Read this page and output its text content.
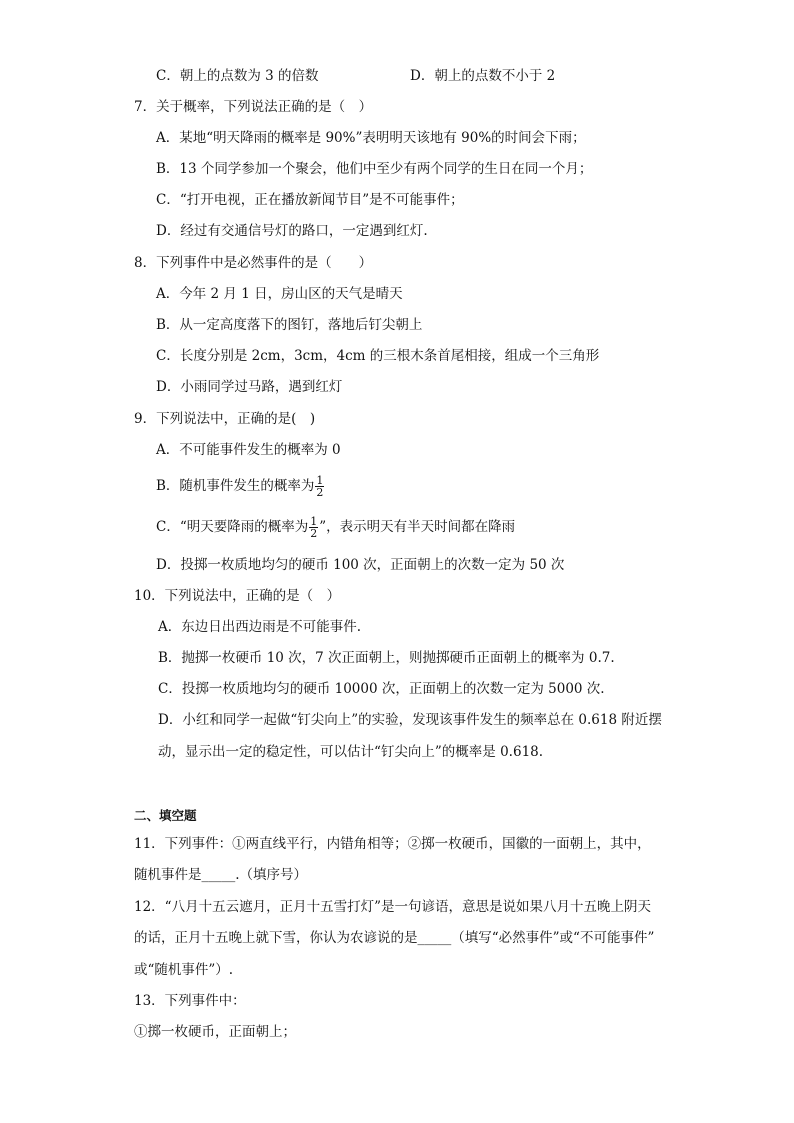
C．朝上的点数为 3 的倍数	D．朝上的点数不小于 2
7．关于概率，下列说法正确的是（　）
A．某地“明天降雨的概率是 90%”表明明天该地有 90%的时间会下雨；
B．13 个同学参加一个聚会，他们中至少有两个同学的生日在同一个月；
C．“打开电视，正在播放新闻节目”是不可能事件；
D．经过有交通信号灯的路口，一定遇到红灯.
8．下列事件中是必然事件的是（　　）
A．今年 2 月 1 日，房山区的天气是晴天
B．从一定高度落下的图钉，落地后钉尖朝上
C．长度分别是 2cm，3cm，4cm 的三根木条首尾相接，组成一个三角形
D．小雨同学过马路，遇到红灯
9．下列说法中，正确的是(　)
A．不可能事件发生的概率为 0
B．随机事件发生的概率为 $\frac{1}{2}$
C．“明天要降雨的概率为 $\frac{1}{2}$ ”，表示明天有半天时间都在降雨
D．投掷一枚质地均匀的硬币 100 次，正面朝上的次数一定为 50 次
10．下列说法中，正确的是（　）
A．东边日出西边雨是不可能事件.
B．抛掷一枚硬币 10 次，7 次正面朝上，则抛掷硬币正面朝上的概率为 0.7.
C．投掷一枚质地均匀的硬币 10000 次，正面朝上的次数一定为 5000 次.
D．小红和同学一起做“钉尖向上”的实验，发现该事件发生的频率总在 0.618 附近摆
动，显示出一定的稳定性，可以估计“钉尖向上”的概率是 0.618.
二、填空题
11．下列事件：①两直线平行，内错角相等；②掷一枚硬币，国徽的一面朝上，其中，
随机事件是_____.（填序号）
12．“八月十五云遮月，正月十五雪打灯”是一句谚语，意思是说如果八月十五晚上阴天
的话，正月十五晚上就下雪，你认为农谚说的是_____（填写“必然事件”或“不可能事件”
或“随机事件”）.
13．下列事件中：
①掷一枚硬币，正面朝上；
